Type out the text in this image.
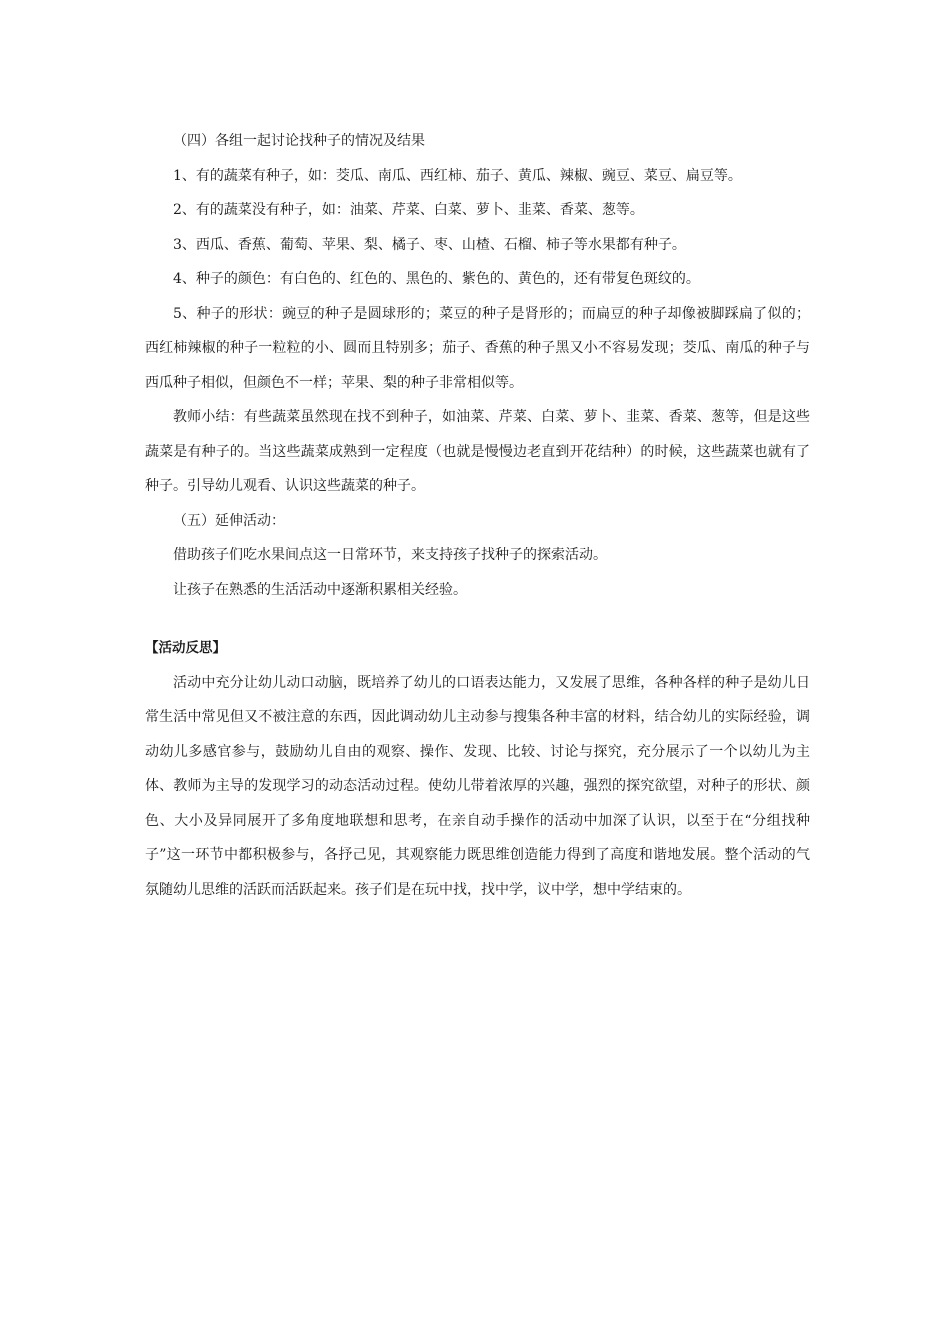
（四）各组一起讨论找种子的情况及结果

1、有的蔬菜有种子，如：茭瓜、南瓜、西红柿、茄子、黄瓜、辣椒、豌豆、菜豆、扁豆等。

2、有的蔬菜没有种子，如：油菜、芹菜、白菜、萝卜、韭菜、香菜、葱等。

3、西瓜、香蕉、葡萄、苹果、梨、橘子、枣、山楂、石榴、柿子等水果都有种子。

4、种子的颜色：有白色的、红色的、黑色的、紫色的、黄色的，还有带复色斑纹的。

5、种子的形状：豌豆的种子是圆球形的；菜豆的种子是肾形的；而扁豆的种子却像被脚踩扁了似的；西红柿辣椒的种子一粒粒的小、圆而且特别多；茄子、香蕉的种子黑又小不容易发现；茭瓜、南瓜的种子与西瓜种子相似，但颜色不一样；苹果、梨的种子非常相似等。

教师小结：有些蔬菜虽然现在找不到种子，如油菜、芹菜、白菜、萝卜、韭菜、香菜、葱等，但是这些蔬菜是有种子的。当这些蔬菜成熟到一定程度（也就是慢慢边老直到开花结种）的时候，这些蔬菜也就有了种子。引导幼儿观看、认识这些蔬菜的种子。

（五）延伸活动：

借助孩子们吃水果间点这一日常环节，来支持孩子找种子的探索活动。

让孩子在熟悉的生活活动中逐渐积累相关经验。

【活动反思】

活动中充分让幼儿动口动脑，既培养了幼儿的口语表达能力，又发展了思维，各种各样的种子是幼儿日常生活中常见但又不被注意的东西，因此调动幼儿主动参与搜集各种丰富的材料，结合幼儿的实际经验，调动幼儿多感官参与，鼓励幼儿自由的观察、操作、发现、比较、讨论与探究，充分展示了一个以幼儿为主体、教师为主导的发现学习的动态活动过程。使幼儿带着浓厚的兴趣，强烈的探究欲望，对种子的形状、颜色、大小及异同展开了多角度地联想和思考，在亲自动手操作的活动中加深了认识，以至于在“分组找种子”这一环节中都积极参与，各抒己见，其观察能力既思维创造能力得到了高度和谐地发展。整个活动的气氛随幼儿思维的活跃而活跃起来。孩子们是在玩中找，找中学，议中学，想中学结束的。
